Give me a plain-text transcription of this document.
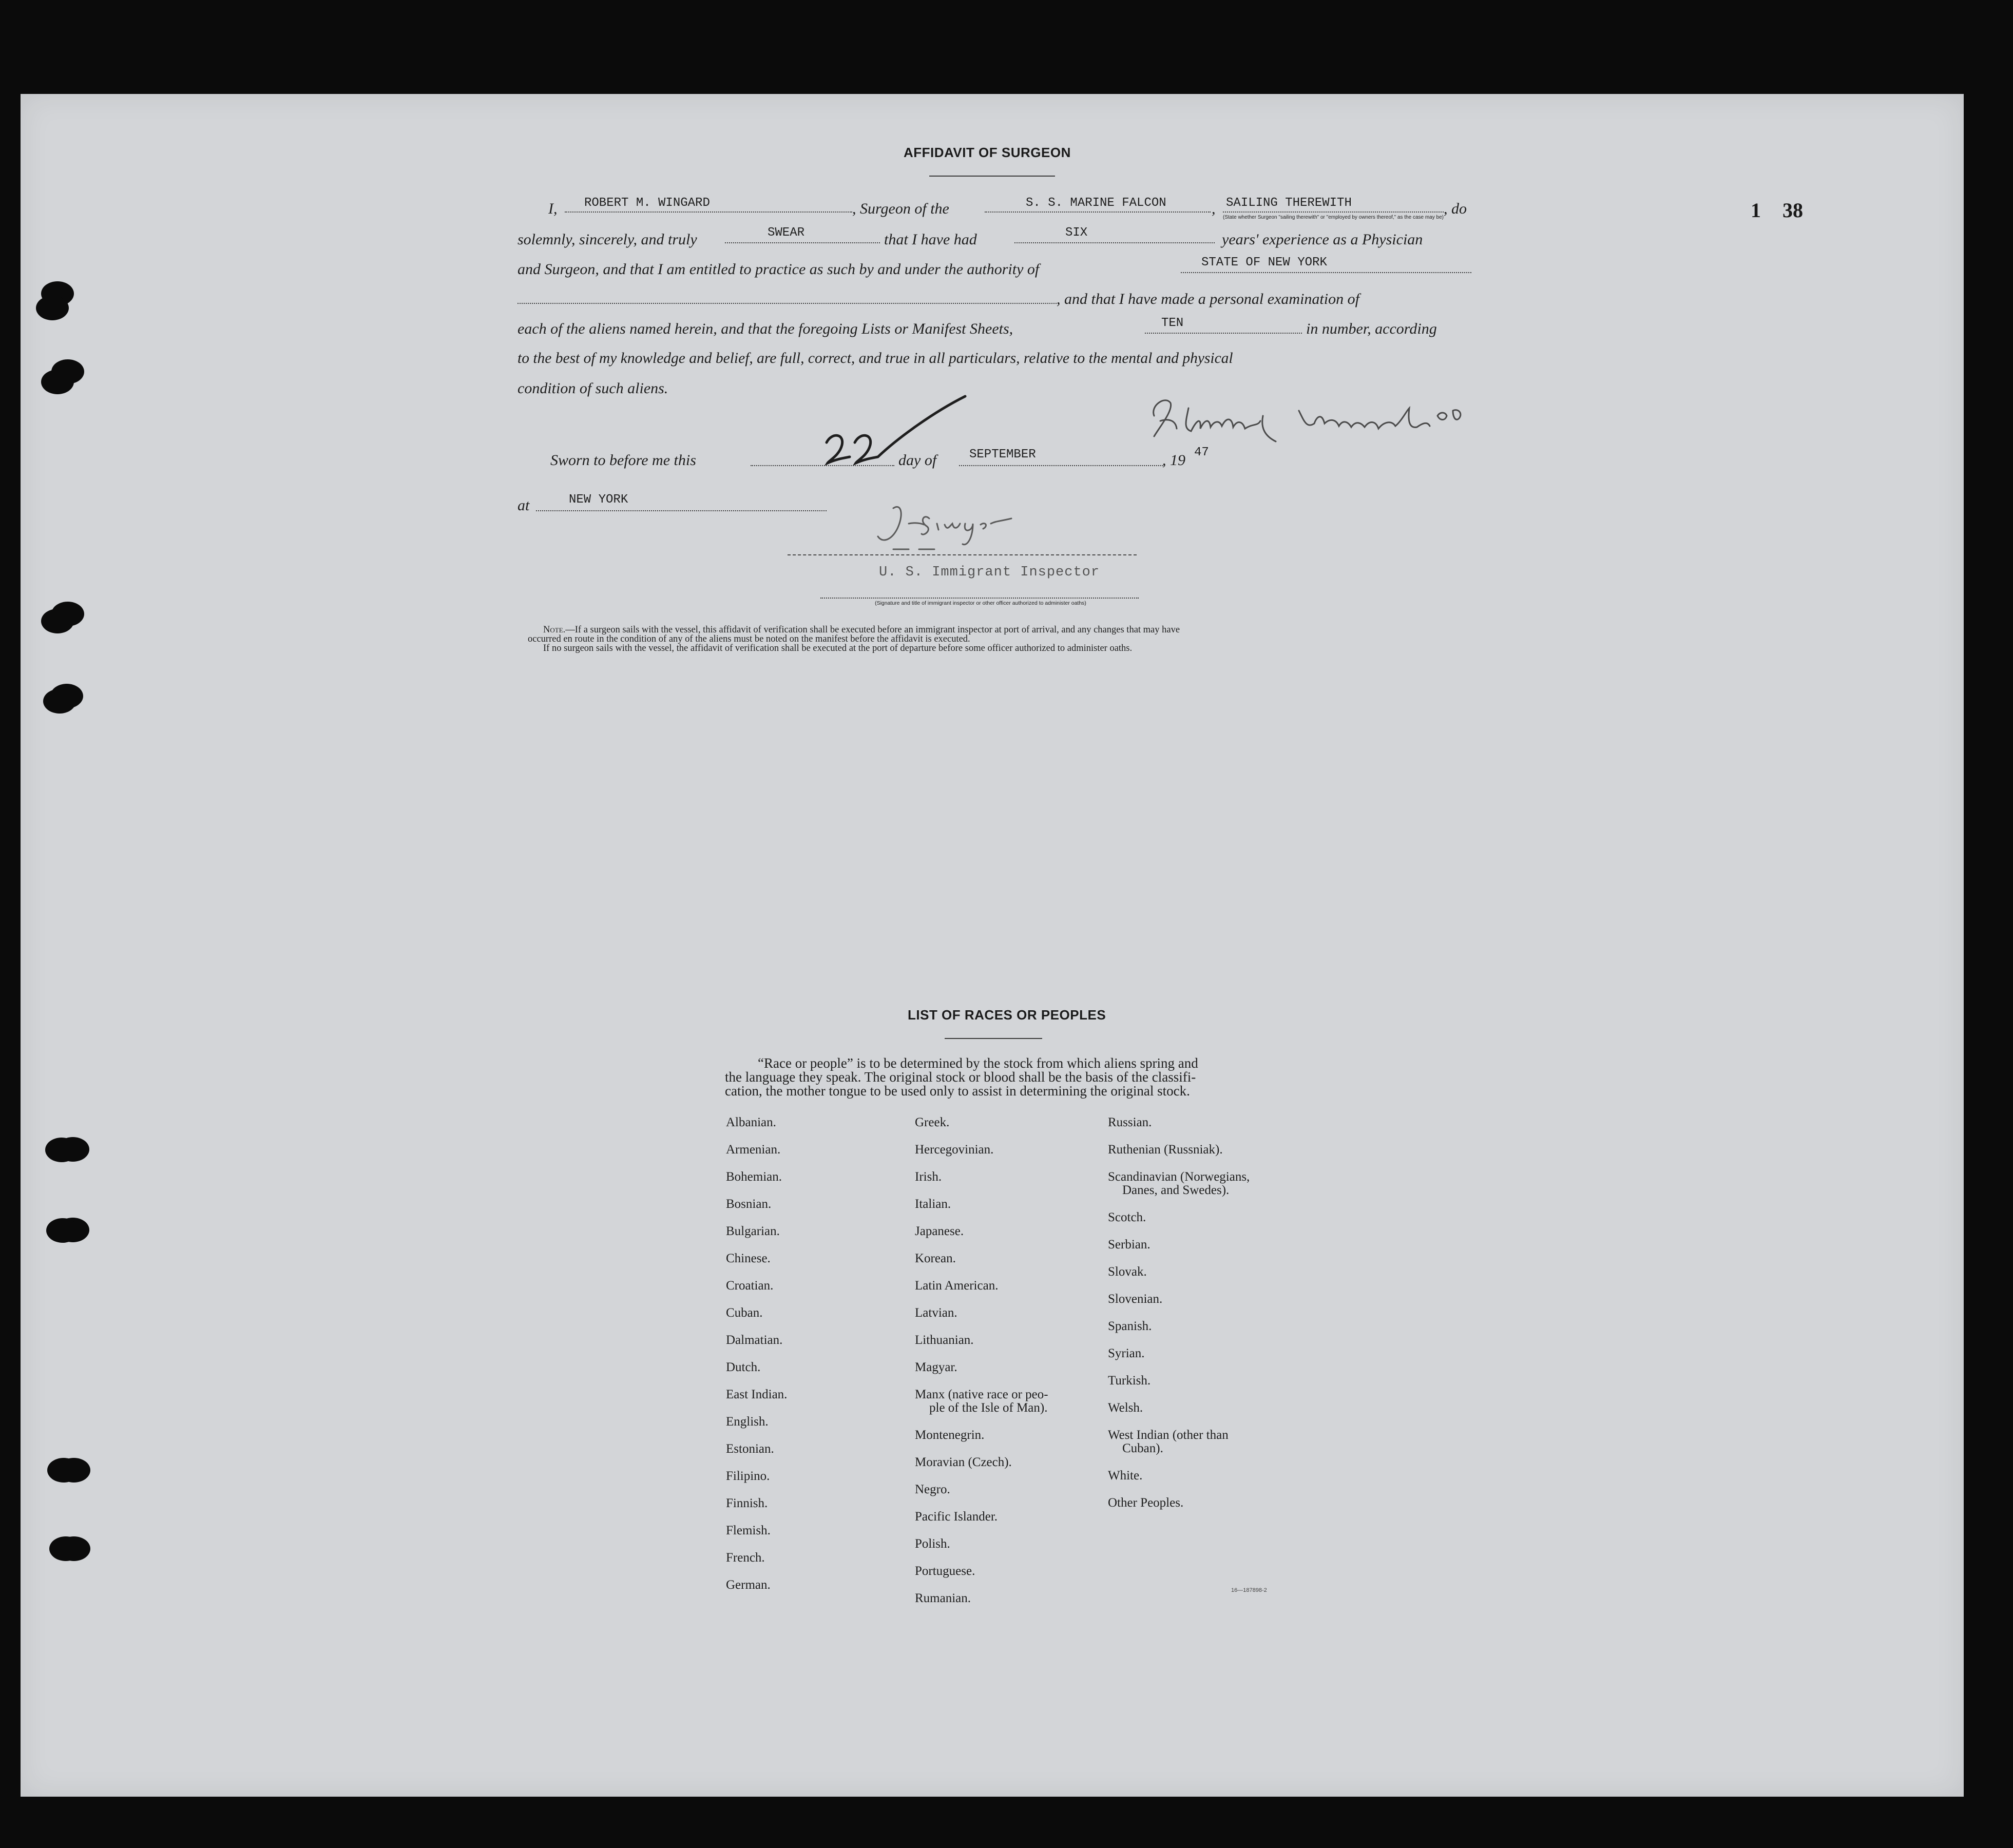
1 38
AFFIDAVIT OF SURGEON
I, ROBERT M. WINGARD	, Surgeon of the	S. S. MARINE FALCON	, SAILING THEREWITH	, do
(State whether Surgeon "sailing therewith" or "employed by owners thereof," as the case may be)
solemnly, sincerely, and truly	SWEAR	that I have had	SIX	years' experience as a Physician
and Surgeon, and that I am entitled to practice as such by and under the authority of	STATE OF NEW YORK
, and that I have made a personal examination of
each of the aliens named herein, and that the foregoing Lists or Manifest Sheets,	TEN	in number, according
to the best of my knowledge and belief, are full, correct, and true in all particulars, relative to the mental and physical
condition of such aliens.
Sworn to before me this	day of	SEPTEMBER	, 19 47
at	NEW YORK
U. S. Immigrant Inspector
(Signature and title of immigrant inspector or other officer authorized to administer oaths)
Note.—If a surgeon sails with the vessel, this affidavit of verification shall be executed before an immigrant inspector at port of arrival, and any changes that may have
occurred en route in the condition of any of the aliens must be noted on the manifest before the affidavit is executed.
If no surgeon sails with the vessel, the affidavit of verification shall be executed at the port of departure before some officer authorized to administer oaths.
LIST OF RACES OR PEOPLES
“Race or people” is to be determined by the stock from which aliens spring and
the language they speak. The original stock or blood shall be the basis of the classifi-
cation, the mother tongue to be used only to assist in determining the original stock.
Albanian.
Armenian.
Bohemian.
Bosnian.
Bulgarian.
Chinese.
Croatian.
Cuban.
Dalmatian.
Dutch.
East Indian.
English.
Estonian.
Filipino.
Finnish.
Flemish.
French.
German.
Greek.
Hercegovinian.
Irish.
Italian.
Japanese.
Korean.
Latin American.
Latvian.
Lithuanian.
Magyar.
Manx (native race or peo-
ple of the Isle of Man).
Montenegrin.
Moravian (Czech).
Negro.
Pacific Islander.
Polish.
Portuguese.
Rumanian.
Russian.
Ruthenian (Russniak).
Scandinavian (Norwegians,
Danes, and Swedes).
Scotch.
Serbian.
Slovak.
Slovenian.
Spanish.
Syrian.
Turkish.
Welsh.
West Indian (other than
Cuban).
White.
Other Peoples.
16—187898-2
